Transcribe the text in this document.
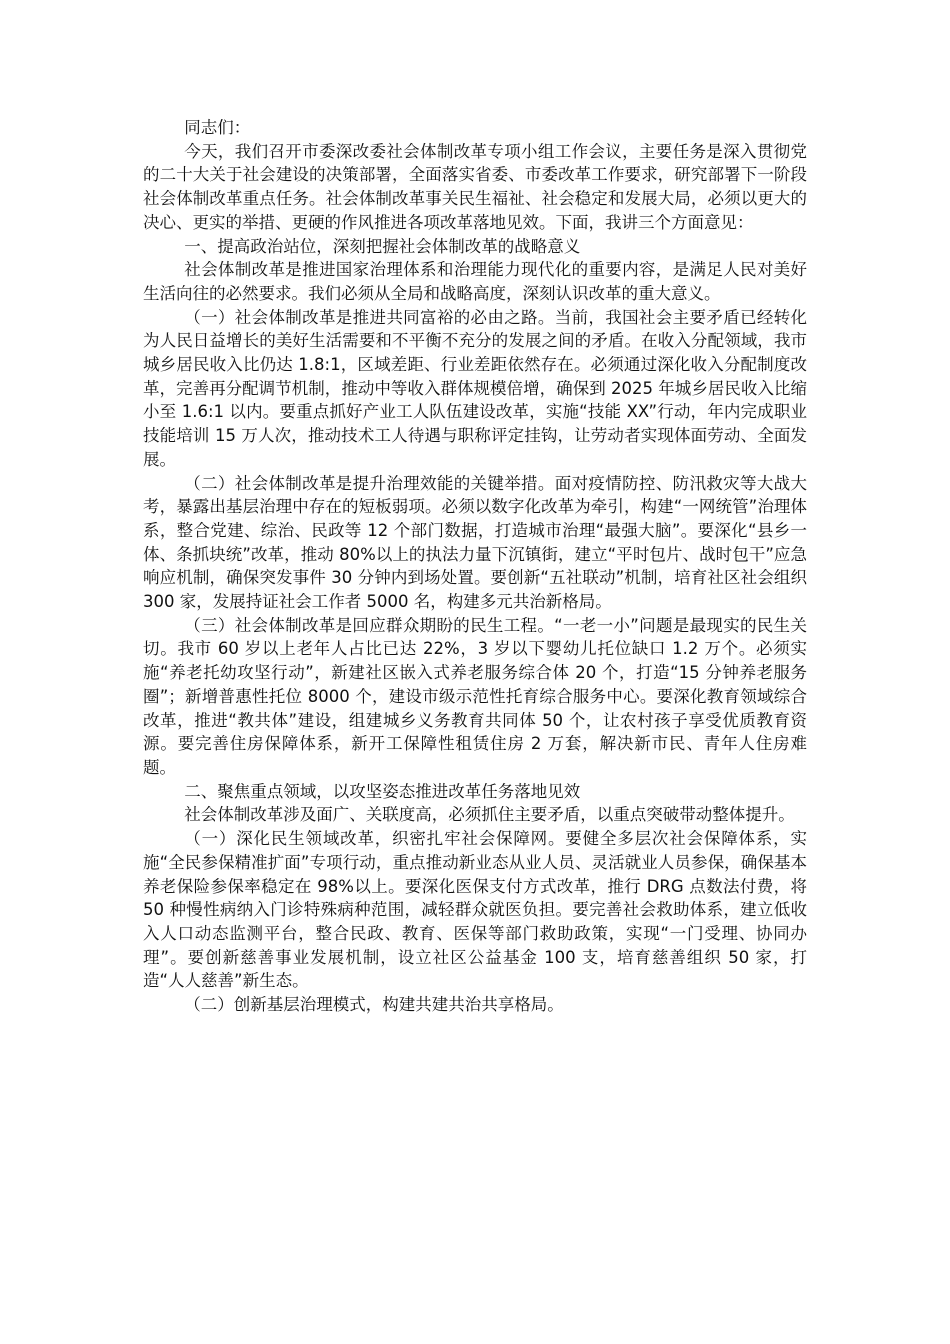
同志们：

今天，我们召开市委深改委社会体制改革专项小组工作会议，主要任务是深入贯彻党的二十大关于社会建设的决策部署，全面落实省委、市委改革工作要求，研究部署下一阶段社会体制改革重点任务。社会体制改革事关民生福祉、社会稳定和发展大局，必须以更大的决心、更实的举措、更硬的作风推进各项改革落地见效。下面，我讲三个方面意见：

一、提高政治站位，深刻把握社会体制改革的战略意义

社会体制改革是推进国家治理体系和治理能力现代化的重要内容，是满足人民对美好生活向往的必然要求。我们必须从全局和战略高度，深刻认识改革的重大意义。

（一）社会体制改革是推进共同富裕的必由之路。当前，我国社会主要矛盾已经转化为人民日益增长的美好生活需要和不平衡不充分的发展之间的矛盾。在收入分配领域，我市城乡居民收入比仍达 1.8:1，区域差距、行业差距依然存在。必须通过深化收入分配制度改革，完善再分配调节机制，推动中等收入群体规模倍增，确保到 2025 年城乡居民收入比缩小至 1.6:1 以内。要重点抓好产业工人队伍建设改革，实施“技能 XX”行动，年内完成职业技能培训 15 万人次，推动技术工人待遇与职称评定挂钩，让劳动者实现体面劳动、全面发展。

（二）社会体制改革是提升治理效能的关键举措。面对疫情防控、防汛救灾等大战大考，暴露出基层治理中存在的短板弱项。必须以数字化改革为牵引，构建“一网统管”治理体系，整合党建、综治、民政等 12 个部门数据，打造城市治理“最强大脑”。要深化“县乡一体、条抓块统”改革，推动 80%以上的执法力量下沉镇街，建立“平时包片、战时包干”应急响应机制，确保突发事件 30 分钟内到场处置。要创新“五社联动”机制，培育社区社会组织 300 家，发展持证社会工作者 5000 名，构建多元共治新格局。

（三）社会体制改革是回应群众期盼的民生工程。“一老一小”问题是最现实的民生关切。我市 60 岁以上老年人占比已达 22%，3 岁以下婴幼儿托位缺口 1.2 万个。必须实施“养老托幼攻坚行动”，新建社区嵌入式养老服务综合体 20 个，打造“15 分钟养老服务圈”；新增普惠性托位 8000 个，建设市级示范性托育综合服务中心。要深化教育领域综合改革，推进“教共体”建设，组建城乡义务教育共同体 50 个，让农村孩子享受优质教育资源。要完善住房保障体系，新开工保障性租赁住房 2 万套，解决新市民、青年人住房难题。

二、聚焦重点领域，以攻坚姿态推进改革任务落地见效

社会体制改革涉及面广、关联度高，必须抓住主要矛盾，以重点突破带动整体提升。

（一）深化民生领域改革，织密扎牢社会保障网。要健全多层次社会保障体系，实施“全民参保精准扩面”专项行动，重点推动新业态从业人员、灵活就业人员参保，确保基本养老保险参保率稳定在 98%以上。要深化医保支付方式改革，推行 DRG 点数法付费，将 50 种慢性病纳入门诊特殊病种范围，减轻群众就医负担。要完善社会救助体系，建立低收入人口动态监测平台，整合民政、教育、医保等部门救助政策，实现“一门受理、协同办理”。要创新慈善事业发展机制，设立社区公益基金 100 支，培育慈善组织 50 家，打造“人人慈善”新生态。

（二）创新基层治理模式，构建共建共治共享格局。
